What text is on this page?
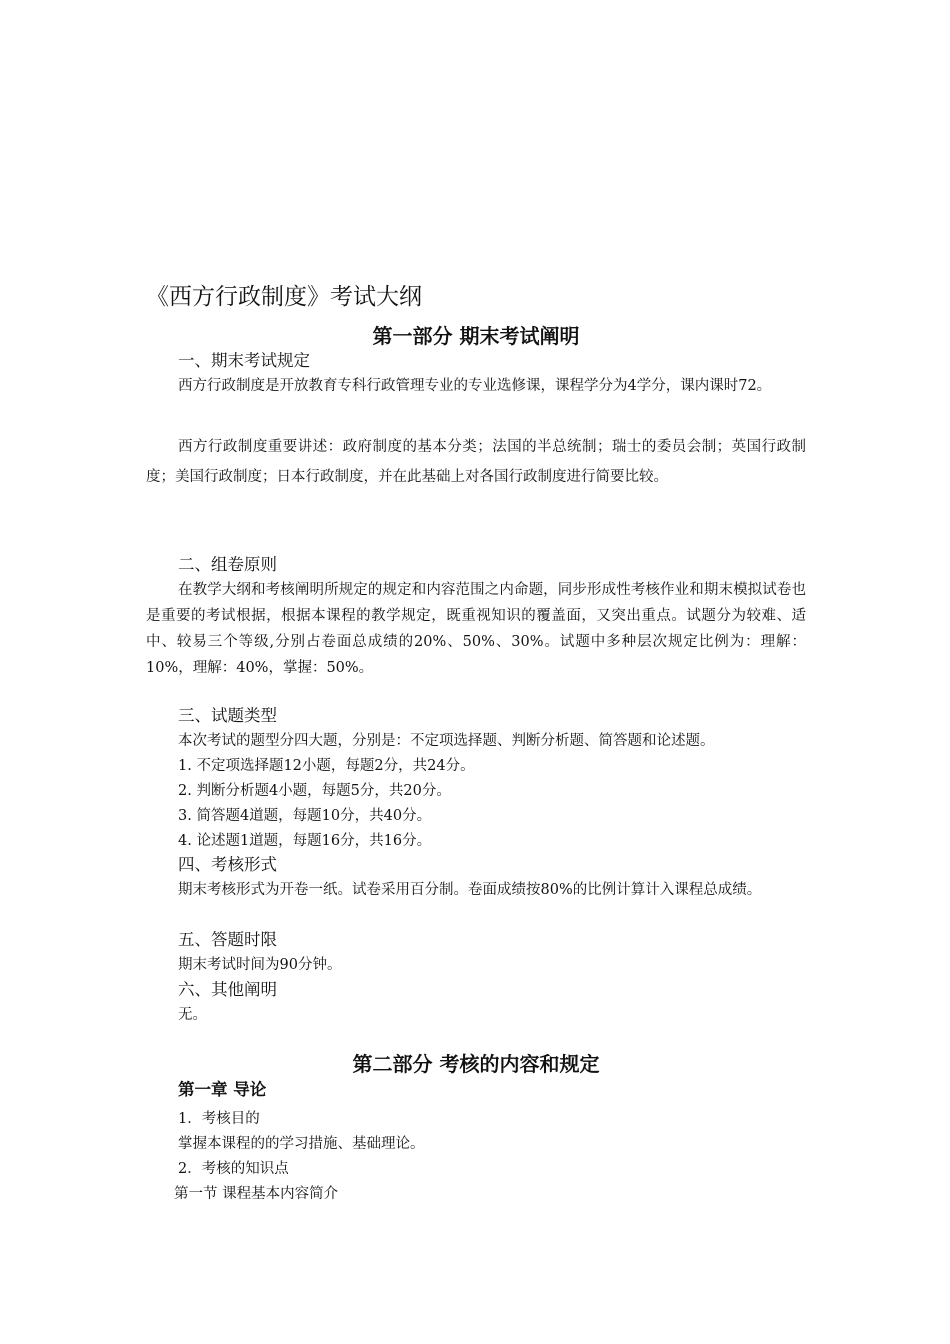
《西方行政制度》考试大纲
第一部分 期末考试阐明
一、期末考试规定
西方行政制度是开放教育专科行政管理专业的专业选修课，课程学分为4学分，课内课时72。
西方行政制度重要讲述：政府制度的基本分类；法国的半总统制；瑞士的委员会制；英国行政制度；美国行政制度；日本行政制度，并在此基础上对各国行政制度进行简要比较。
二、组卷原则
在教学大纲和考核阐明所规定的规定和内容范围之内命题，同步形成性考核作业和期末模拟试卷也是重要的考试根据，根据本课程的教学规定，既重视知识的覆盖面，又突出重点。试题分为较难、适中、较易三个等级,分别占卷面总成绩的20%、50%、30%。试题中多种层次规定比例为：理解：10%，理解：40%，掌握：50%。
三、试题类型
本次考试的题型分四大题，分别是：不定项选择题、判断分析题、简答题和论述题。
1. 不定项选择题12小题，每题2分，共24分。
2. 判断分析题4小题，每题5分，共20分。
3. 简答题4道题，每题10分，共40分。
4. 论述题1道题，每题16分，共16分。
四、考核形式
期末考核形式为开卷一纸。试卷采用百分制。卷面成绩按80%的比例计算计入课程总成绩。
五、答题时限
期末考试时间为90分钟。
六、其他阐明
无。
第二部分 考核的内容和规定
第一章 导论
1．考核目的
掌握本课程的的学习措施、基础理论。
2．考核的知识点
第一节 课程基本内容简介
